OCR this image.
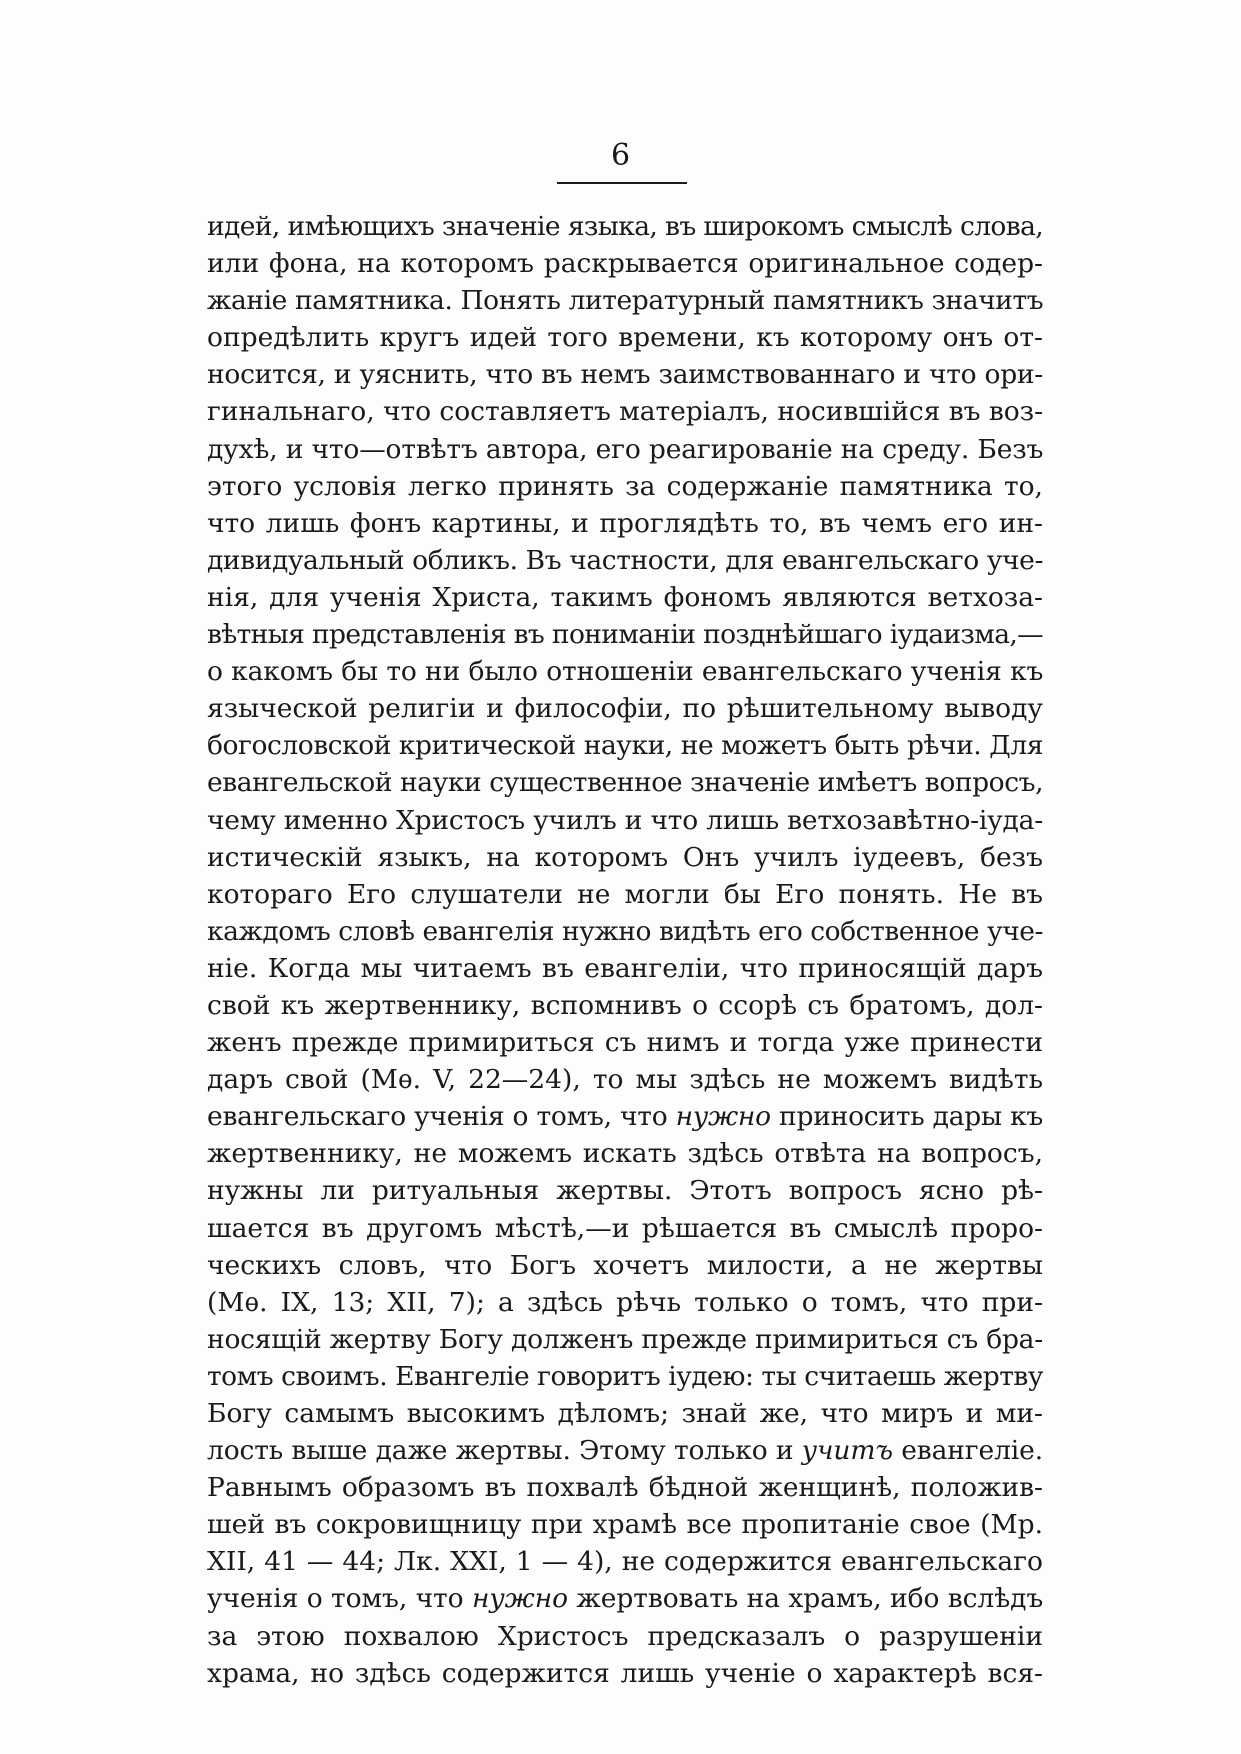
6
идей, имѣющихъ значеніе языка, въ широкомъ смыслѣ слова,
или фона, на которомъ раскрывается оригинальное содер-
жаніе памятника. Понять литературный памятникъ значитъ
опредѣлить кругъ идей того времени, къ которому онъ от-
носится, и уяснить, что въ немъ заимствованнаго и что ори-
гинальнаго, что составляетъ матеріалъ, носившійся въ воз-
духѣ, и что—отвѣтъ автора, его реагированіе на среду. Безъ
этого условія легко принять за содержаніе памятника то,
что лишь фонъ картины, и проглядѣть то, въ чемъ его ин-
дивидуальный обликъ. Въ частности, для евангельскаго уче-
нія, для ученія Христа, такимъ фономъ являются ветхоза-
вѣтныя представленія въ пониманіи позднѣйшаго іудаизма,—
о какомъ бы то ни было отношеніи евангельскаго ученія къ
языческой религіи и философіи, по рѣшительному выводу
богословской критической науки, не можетъ быть рѣчи. Для
евангельской науки существенное значеніе имѣетъ вопросъ,
чему именно Христосъ училъ и что лишь ветхозавѣтно-іуда-
истическій языкъ, на которомъ Онъ училъ іудеевъ, безъ
котораго Его слушатели не могли бы Его понять. Не въ
каждомъ словѣ евангелія нужно видѣть его собственное уче-
ніе. Когда мы читаемъ въ евангеліи, что приносящій даръ
свой къ жертвеннику, вспомнивъ о ссорѣ съ братомъ, дол-
женъ прежде примириться съ нимъ и тогда уже принести
даръ свой (Мѳ. V, 22—24), то мы здѣсь не можемъ видѣть
евангельскаго ученія о томъ, что нужно приносить дары къ
жертвеннику, не можемъ искать здѣсь отвѣта на вопросъ,
нужны ли ритуальныя жертвы. Этотъ вопросъ ясно рѣ-
шается въ другомъ мѣстѣ,—и рѣшается въ смыслѣ проро-
ческихъ словъ, что Богъ хочетъ милости, а не жертвы
(Мѳ. IX, 13; XII, 7); а здѣсь рѣчь только о томъ, что при-
носящій жертву Богу долженъ прежде примириться съ бра-
томъ своимъ. Евангеліе говоритъ іудею: ты считаешь жертву
Богу самымъ высокимъ дѣломъ; знай же, что миръ и ми-
лость выше даже жертвы. Этому только и учитъ евангеліе.
Равнымъ образомъ въ похвалѣ бѣдной женщинѣ, положив-
шей въ сокровищницу при храмѣ все пропитаніе свое (Мр.
XII, 41 — 44; Лк. XXI, 1 — 4), не содержится евангельскаго
ученія о томъ, что нужно жертвовать на храмъ, ибо вслѣдъ
за этою похвалою Христосъ предсказалъ о разрушеніи
храма, но здѣсь содержится лишь ученіе о характерѣ вся-
